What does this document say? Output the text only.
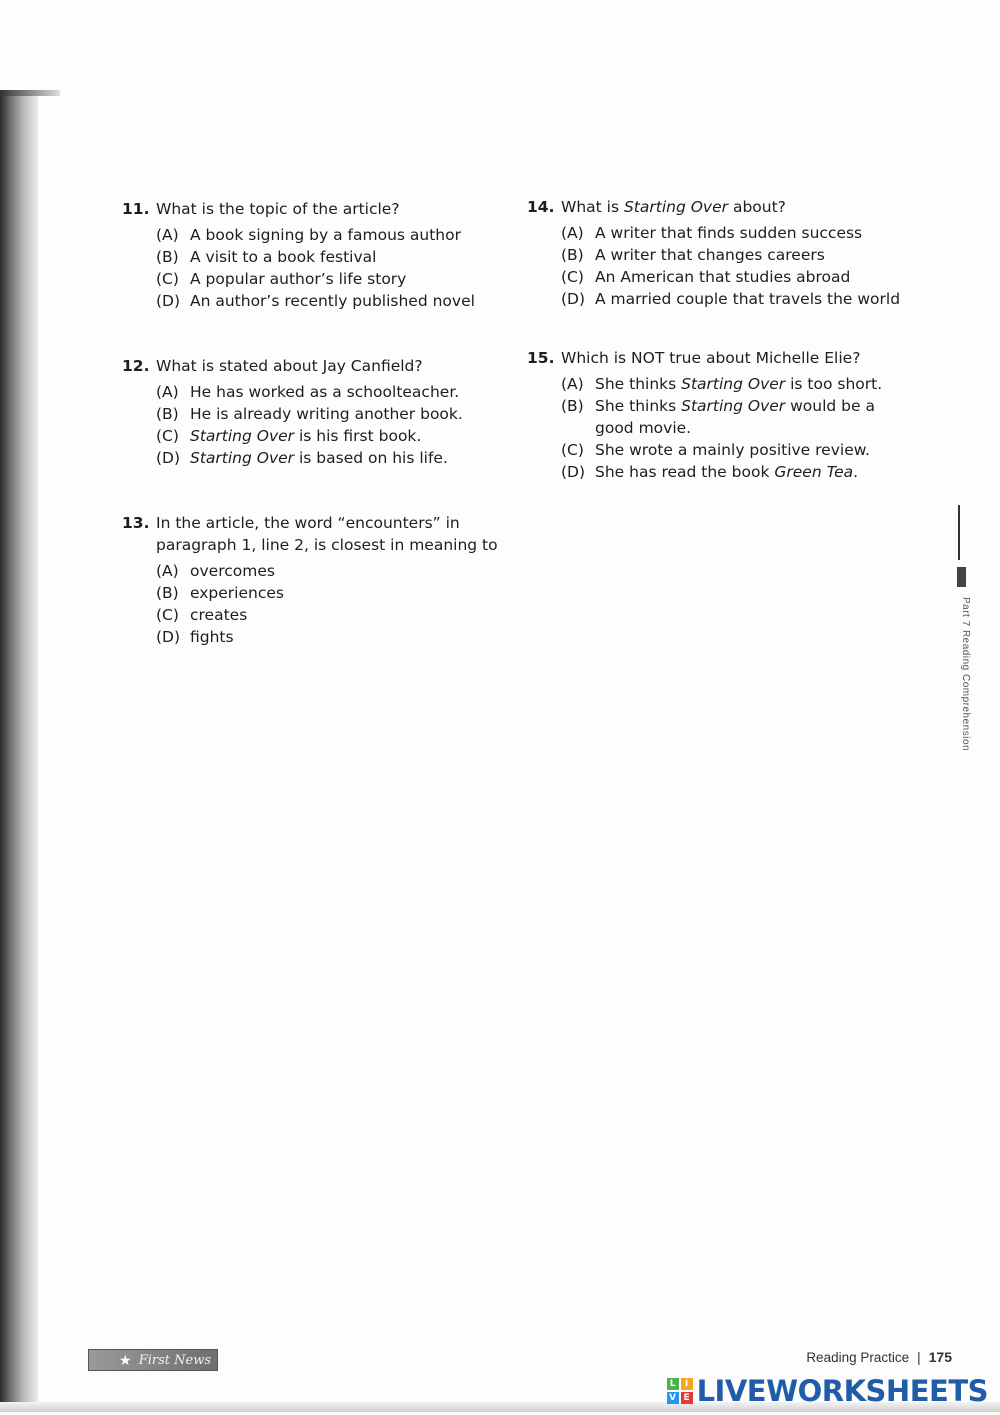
11. What is the topic of the article?
(A) A book signing by a famous author
(B) A visit to a book festival
(C) A popular author’s life story
(D) An author’s recently published novel
12. What is stated about Jay Canfield?
(A) He has worked as a schoolteacher.
(B) He is already writing another book.
(C) Starting Over is his first book.
(D) Starting Over is based on his life.
13. In the article, the word “encounters” in paragraph 1, line 2, is closest in meaning to
(A) overcomes
(B) experiences
(C) creates
(D) fights
14. What is Starting Over about?
(A) A writer that finds sudden success
(B) A writer that changes careers
(C) An American that studies abroad
(D) A married couple that travels the world
15. Which is NOT true about Michelle Elie?
(A) She thinks Starting Over is too short.
(B) She thinks Starting Over would be a good movie.
(C) She wrote a mainly positive review.
(D) She has read the book Green Tea.
Part 7 Reading Comprehension
★ First News	Reading Practice | 175
L	I
V E LIVEWORKSHEETS
